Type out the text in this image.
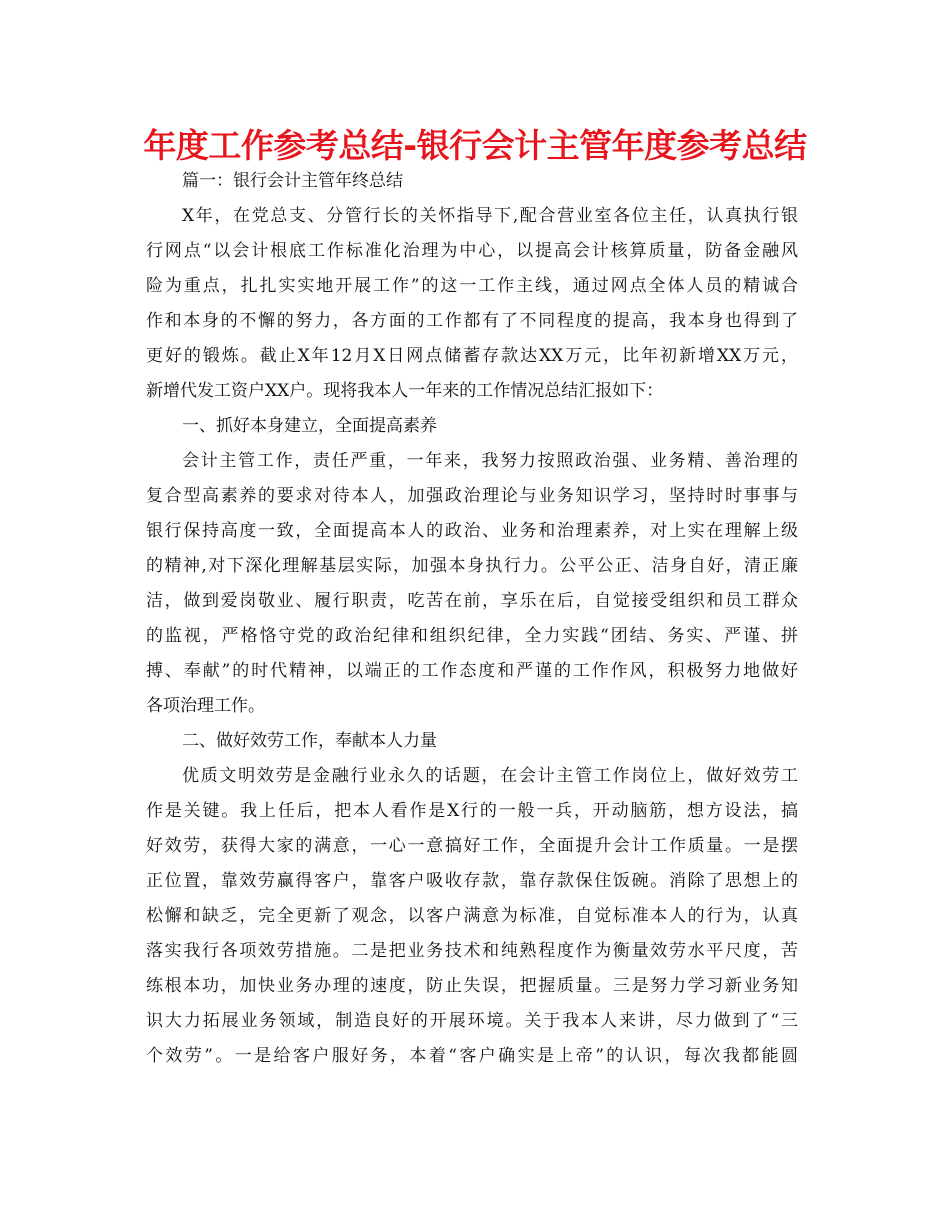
年度工作参考总结-银行会计主管年度参考总结
篇一：银行会计主管年终总结
X年，在党总支、分管行长的关怀指导下,配合营业室各位主任，认真执行银
行网点“以会计根底工作标准化治理为中心，以提高会计核算质量，防备金融风
险为重点，扎扎实实地开展工作”的这一工作主线，通过网点全体人员的精诚合
作和本身的不懈的努力，各方面的工作都有了不同程度的提高，我本身也得到了
更好的锻炼。截止X年12月X日网点储蓄存款达XX万元，比年初新增XX万元，
新增代发工资户XX户。现将我本人一年来的工作情况总结汇报如下：
一、抓好本身建立，全面提高素养
会计主管工作，责任严重，一年来，我努力按照政治强、业务精、善治理的
复合型高素养的要求对待本人，加强政治理论与业务知识学习，坚持时时事事与
银行保持高度一致，全面提高本人的政治、业务和治理素养，对上实在理解上级
的精神,对下深化理解基层实际，加强本身执行力。公平公正、洁身自好，清正廉
洁，做到爱岗敬业、履行职责，吃苦在前，享乐在后，自觉接受组织和员工群众
的监视，严格恪守党的政治纪律和组织纪律，全力实践“团结、务实、严谨、拼
搏、奉献”的时代精神，以端正的工作态度和严谨的工作作风，积极努力地做好
各项治理工作。
二、做好效劳工作，奉献本人力量
优质文明效劳是金融行业永久的话题，在会计主管工作岗位上，做好效劳工
作是关键。我上任后，把本人看作是X行的一般一兵，开动脑筋，想方设法，搞
好效劳，获得大家的满意，一心一意搞好工作，全面提升会计工作质量。一是摆
正位置，靠效劳赢得客户，靠客户吸收存款，靠存款保住饭碗。消除了思想上的
松懈和缺乏，完全更新了观念，以客户满意为标准，自觉标准本人的行为，认真
落实我行各项效劳措施。二是把业务技术和纯熟程度作为衡量效劳水平尺度，苦
练根本功，加快业务办理的速度，防止失误，把握质量。三是努力学习新业务知
识大力拓展业务领域，制造良好的开展环境。关于我本人来讲，尽力做到了“三
个效劳”。一是给客户服好务，本着“客户确实是上帝”的认识，每次我都能圆
